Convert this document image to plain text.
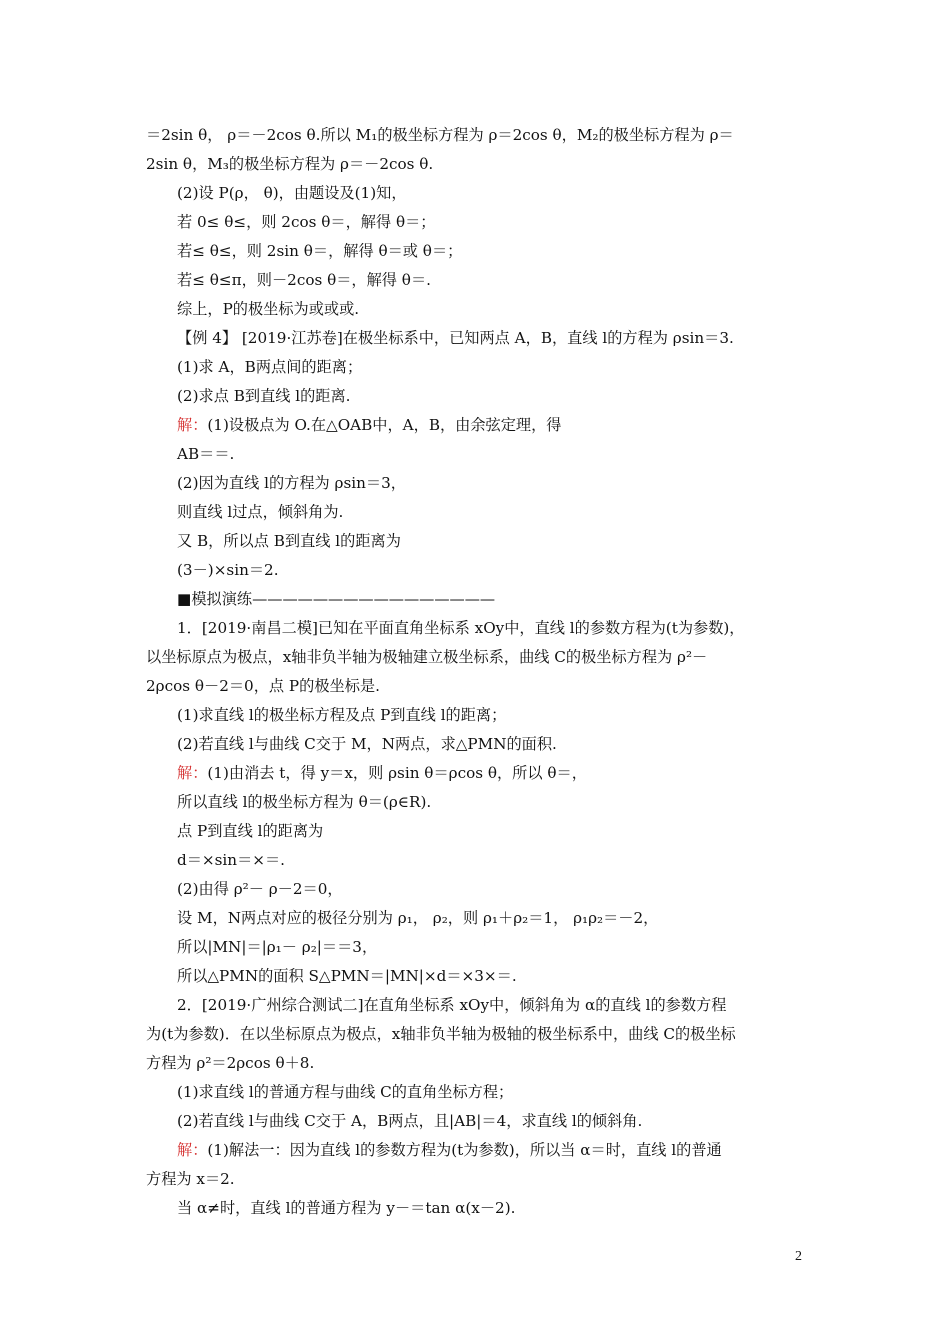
＝2sin θ， ρ＝－2cos θ.所以 M₁的极坐标方程为 ρ＝2cos θ，M₂的极坐标方程为 ρ＝
2sin θ，M₃的极坐标方程为 ρ＝－2cos θ.
(2)设 P(ρ， θ)，由题设及(1)知，
若 0≤ θ≤，则 2cos θ＝，解得 θ＝；
若≤ θ≤，则 2sin θ＝，解得 θ＝或 θ＝；
若≤ θ≤π，则－2cos θ＝，解得 θ＝.
综上，P的极坐标为或或或.
【例 4】 [2019·江苏卷]在极坐标系中，已知两点 A，B，直线 l的方程为 ρsin＝3.
(1)求 A，B两点间的距离；
(2)求点 B到直线 l的距离.
解：(1)设极点为 O.在△OAB中，A，B，由余弦定理，得
AB＝＝.
(2)因为直线 l的方程为 ρsin＝3，
则直线 l过点，倾斜角为.
又 B，所以点 B到直线 l的距离为
(3－)×sin＝2.
■模拟演练————————————————
1．[2019·南昌二模]已知在平面直角坐标系 xOy中，直线 l的参数方程为(t为参数)，
以坐标原点为极点，x轴非负半轴为极轴建立极坐标系，曲线 C的极坐标方程为 ρ²－
2ρcos θ－2＝0，点 P的极坐标是.
(1)求直线 l的极坐标方程及点 P到直线 l的距离；
(2)若直线 l与曲线 C交于 M，N两点，求△PMN的面积.
解：(1)由消去 t，得 y＝x，则 ρsin θ＝ρcos θ，所以 θ＝，
所以直线 l的极坐标方程为 θ＝(ρ∈R).
点 P到直线 l的距离为
d＝×sin＝×＝.
(2)由得 ρ²－ ρ－2＝0，
设 M，N两点对应的极径分别为 ρ₁， ρ₂，则 ρ₁＋ρ₂＝1， ρ₁ρ₂＝－2，
所以|MN|＝|ρ₁－ ρ₂|＝＝3，
所以△PMN的面积 S△PMN＝|MN|×d＝×3×＝.
2．[2019·广州综合测试二]在直角坐标系 xOy中，倾斜角为 α的直线 l的参数方程
为(t为参数)．在以坐标原点为极点，x轴非负半轴为极轴的极坐标系中，曲线 C的极坐标
方程为 ρ²＝2ρcos θ＋8.
(1)求直线 l的普通方程与曲线 C的直角坐标方程；
(2)若直线 l与曲线 C交于 A，B两点，且|AB|＝4，求直线 l的倾斜角.
解：(1)解法一：因为直线 l的参数方程为(t为参数)，所以当 α＝时，直线 l的普通
方程为 x＝2.
当 α≠时，直线 l的普通方程为 y－＝tan α(x－2).
2
